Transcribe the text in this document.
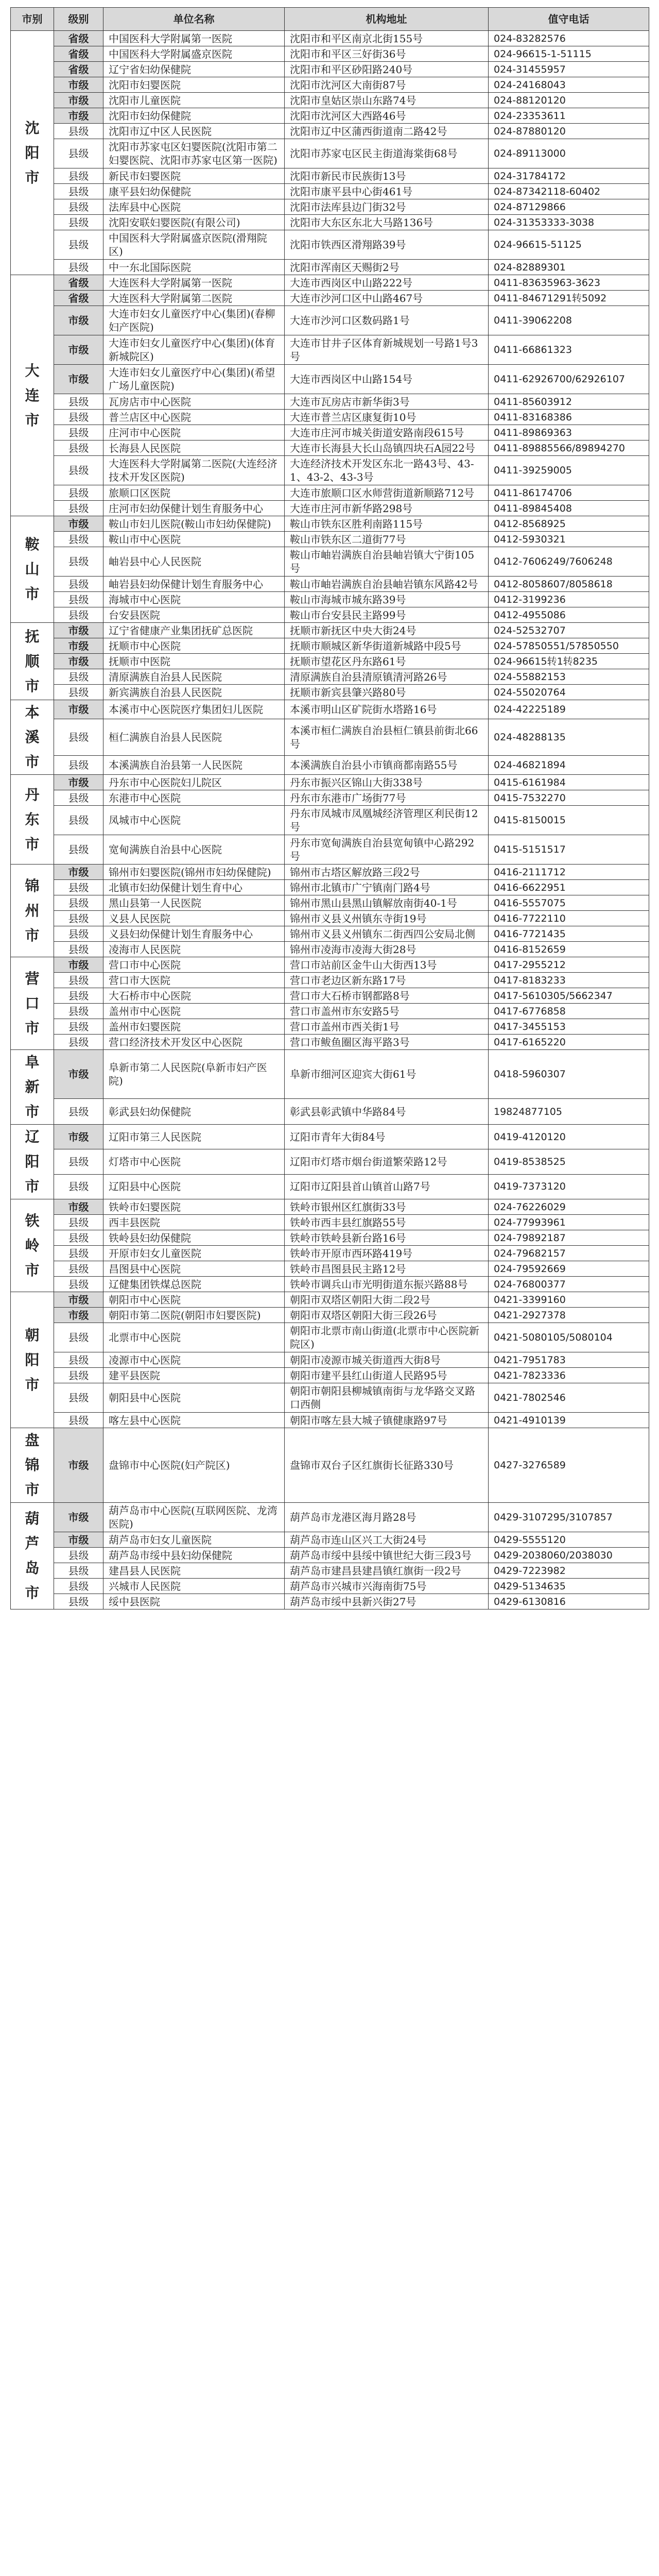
市别	级别	单位名称	机构地址	值守电话

沈
阳
市	省级	中国医科大学附属第一医院	沈阳市和平区南京北街155号	024-83282576
	省级	中国医科大学附属盛京医院	沈阳市和平区三好街36号	024-96615-1-51115
	省级	辽宁省妇幼保健院	沈阳市和平区砂阳路240号	024-31455957
	市级	沈阳市妇婴医院	沈阳市沈河区大南街87号	024-24168043
	市级	沈阳市儿童医院	沈阳市皇姑区崇山东路74号	024-88120120
	市级	沈阳市妇幼保健院	沈阳市沈河区大西路46号	024-23353611
	县级	沈阳市辽中区人民医院	沈阳市辽中区蒲西街道南二路42号	024-87880120
	县级	沈阳市苏家屯区妇婴医院(沈阳市第二妇婴医院、沈阳市苏家屯区第一医院)	沈阳市苏家屯区民主街道海棠街68号	024-89113000
	县级	新民市妇婴医院	沈阳市新民市民族街13号	024-31784172
	县级	康平县妇幼保健院	沈阳市康平县中心街461号	024-87342118-60402
	县级	法库县中心医院	沈阳市法库县边门街32号	024-87129866
	县级	沈阳安联妇婴医院(有限公司)	沈阳市大东区东北大马路136号	024-31353333-3038
	县级	中国医科大学附属盛京医院(滑翔院区)	沈阳市铁西区滑翔路39号	024-96615-51125
	县级	中一东北国际医院	沈阳市浑南区天赐街2号	024-82889301

大
连
市	省级	大连医科大学附属第一医院	大连市西岗区中山路222号	0411-83635963-3623
	省级	大连医科大学附属第二医院	大连市沙河口区中山路467号	0411-84671291转5092
	市级	大连市妇女儿童医疗中心(集团)(春柳妇产医院)	大连市沙河口区数码路1号	0411-39062208
	市级	大连市妇女儿童医疗中心(集团)(体育新城院区)	大连市甘井子区体育新城规划一号路1号3号	0411-66861323
	市级	大连市妇女儿童医疗中心(集团)(希望广场儿童医院)	大连市西岗区中山路154号	0411-62926700/62926107
	县级	瓦房店市中心医院	大连市瓦房店市新华街3号	0411-85603912
	县级	普兰店区中心医院	大连市普兰店区康复街10号	0411-83168386
	县级	庄河市中心医院	大连市庄河市城关街道安路南段615号	0411-89869363
	县级	长海县人民医院	大连市长海县大长山岛镇四块石A园22号	0411-89885566/89894270
	县级	大连医科大学附属第二医院(大连经济技术开发区医院)	大连经济技术开发区东北一路43号、43-1、43-2、43-3号	0411-39259005
	县级	旅顺口区医院	大连市旅顺口区水师营街道新顺路712号	0411-86174706
	县级	庄河市妇幼保健计划生育服务中心	大连市庄河市新华路298号	0411-89845408

鞍
山
市	市级	鞍山市妇儿医院(鞍山市妇幼保健院)	鞍山市铁东区胜利南路115号	0412-8568925
	县级	鞍山市中心医院	鞍山市铁东区二道街77号	0412-5930321
	县级	岫岩县中心人民医院	鞍山市岫岩满族自治县岫岩镇大宁街105号	0412-7606249/7606248
	县级	岫岩县妇幼保健计划生育服务中心	鞍山市岫岩满族自治县岫岩镇东风路42号	0412-8058607/8058618
	县级	海城市中心医院	鞍山市海城市城东路39号	0412-3199236
	县级	台安县医院	鞍山市台安县民主路99号	0412-4955086

抚
顺
市	市级	辽宁省健康产业集团抚矿总医院	抚顺市新抚区中央大街24号	024-52532707
	市级	抚顺市中心医院	抚顺市顺城区新华街道新城路中段5号	024-57850551/57850550
	市级	抚顺市中医院	抚顺市望花区丹东路61号	024-96615转1转8235
	县级	清原满族自治县人民医院	清原满族自治县清原镇清河路26号	024-55882153
	县级	新宾满族自治县人民医院	抚顺市新宾县肇兴路80号	024-55020764

本
溪
市	市级	本溪市中心医院医疗集团妇儿医院	本溪市明山区矿院街水塔路16号	024-42225189
	县级	桓仁满族自治县人民医院	本溪市桓仁满族自治县桓仁镇县前街北66号	024-48288135
	县级	本溪满族自治县第一人民医院	本溪满族自治县小市镇商都南路55号	024-46821894

丹
东
市	市级	丹东市中心医院妇儿院区	丹东市振兴区锦山大街338号	0415-6161984
	县级	东港市中心医院	丹东市东港市广场街77号	0415-7532270
	县级	凤城市中心医院	丹东市凤城市凤凰城经济管理区利民街12号	0415-8150015
	县级	宽甸满族自治县中心医院	丹东市宽甸满族自治县宽甸镇中心路292号	0415-5151517

锦
州
市	市级	锦州市妇婴医院(锦州市妇幼保健院)	锦州市古塔区解放路三段2号	0416-2111712
	县级	北镇市妇幼保健计划生育中心	锦州市北镇市广宁镇南门路4号	0416-6622951
	县级	黑山县第一人民医院	锦州市黑山县黑山镇解放南街40-1号	0416-5557075
	县级	义县人民医院	锦州市义县义州镇东寺街19号	0416-7722110
	县级	义县妇幼保健计划生育服务中心	锦州市义县义州镇东二街西四公安局北侧	0416-7721435
	县级	凌海市人民医院	锦州市凌海市凌海大街28号	0416-8152659

营
口
市	市级	营口市中心医院	营口市站前区金牛山大街西13号	0417-2955212
	县级	营口市大医院	营口市老边区新东路17号	0417-8183233
	县级	大石桥市中心医院	营口市大石桥市钢都路8号	0417-5610305/5662347
	县级	盖州市中心医院	营口市盖州市东安路5号	0417-6776858
	县级	盖州市妇婴医院	营口市盖州市西关街1号	0417-3455153
	县级	营口经济技术开发区中心医院	营口市鲅鱼圈区海平路3号	0417-6165220

阜
新
市	市级	阜新市第二人民医院(阜新市妇产医院)	阜新市细河区迎宾大街61号	0418-5960307
	县级	彰武县妇幼保健院	彰武县彰武镇中华路84号	19824877105

辽
阳
市	市级	辽阳市第三人民医院	辽阳市青年大街84号	0419-4120120
	县级	灯塔市中心医院	辽阳市灯塔市烟台街道繁荣路12号	0419-8538525
	县级	辽阳县中心医院	辽阳市辽阳县首山镇首山路7号	0419-7373120

铁
岭
市	市级	铁岭市妇婴医院	铁岭市银州区红旗街33号	024-76226029
	县级	西丰县医院	铁岭市西丰县红旗路55号	024-77993961
	县级	铁岭县妇幼保健院	铁岭市铁岭县新台路16号	024-79892187
	县级	开原市妇女儿童医院	铁岭市开原市西环路419号	024-79682157
	县级	昌图县中心医院	铁岭市昌图县民主路12号	024-79592669
	县级	辽健集团铁煤总医院	铁岭市调兵山市光明街道东振兴路88号	024-76800377

朝
阳
市	市级	朝阳市中心医院	朝阳市双塔区朝阳大街二段2号	0421-3399160
	市级	朝阳市第二医院(朝阳市妇婴医院)	朝阳市双塔区朝阳大街三段26号	0421-2927378
	县级	北票市中心医院	朝阳市北票市南山街道(北票市中心医院新院区)	0421-5080105/5080104
	县级	凌源市中心医院	朝阳市凌源市城关街道西大街8号	0421-7951783
	县级	建平县医院	朝阳市建平县红山街道人民路95号	0421-7823336
	县级	朝阳县中心医院	朝阳市朝阳县柳城镇南街与龙华路交叉路口西侧	0421-7802546
	县级	喀左县中心医院	朝阳市喀左县大城子镇健康路97号	0421-4910139

盘
锦
市	市级	盘锦市中心医院(妇产院区)	盘锦市双台子区红旗街长征路330号	0427-3276589

葫
芦
岛
市	市级	葫芦岛市中心医院(互联网医院、龙湾医院)	葫芦岛市龙港区海月路28号	0429-3107295/3107857
	市级	葫芦岛市妇女儿童医院	葫芦岛市连山区兴工大街24号	0429-5555120
	县级	葫芦岛市绥中县妇幼保健院	葫芦岛市绥中县绥中镇世纪大街三段3号	0429-2038060/2038030
	县级	建昌县人民医院	葫芦岛市建昌县建昌镇红旗街一段2号	0429-7223982
	县级	兴城市人民医院	葫芦岛市兴城市兴海南街75号	0429-5134635
	县级	绥中县医院	葫芦岛市绥中县新兴街27号	0429-6130816
